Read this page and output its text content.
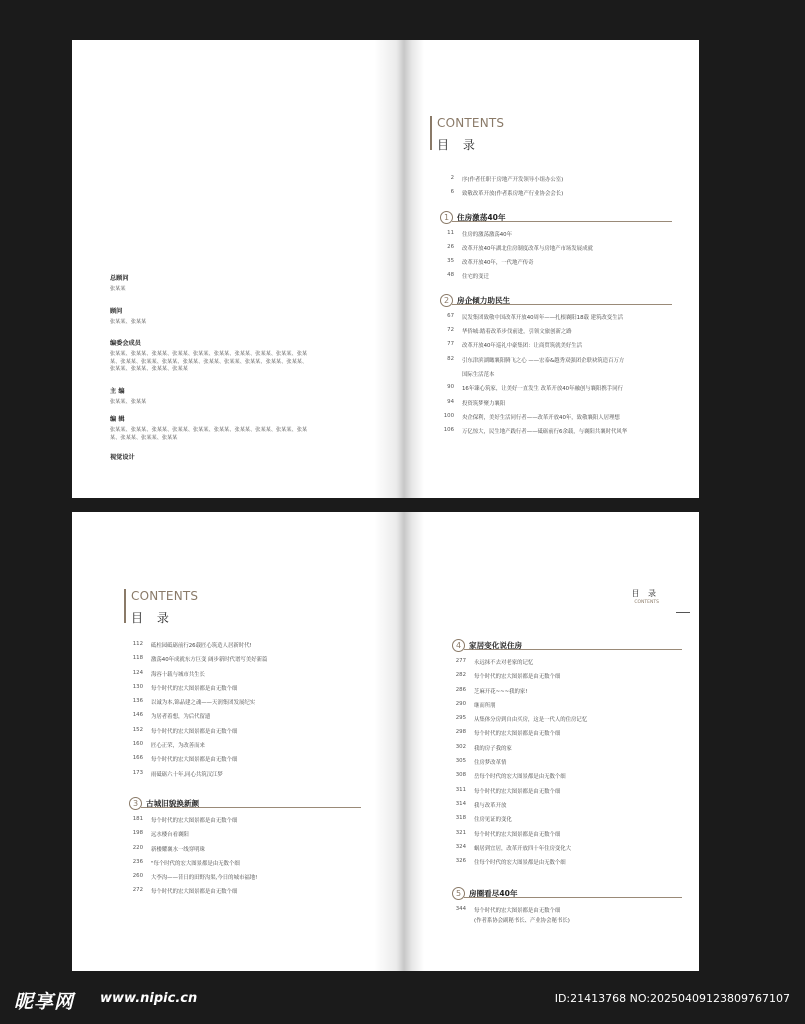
总顾问
张某某
顾问
张某某、张某某
编委会成员
张某某、张某某、张某某、张某某、张某某、张某某、张某某、张某某、张某某、张某某、张某某、张某某、张某某、张某某、张某某、张某某、张某某、张某某、张某某、张某某、张某某、张某某、张某某
主 编
张某某、张某某
编 辑
张某某、张某某、张某某、张某某、张某某、张某某、张某某、张某某、张某某、张某某、张某某、张某某、张某某
视觉设计
CONTENTS
目 录
2 序(作者任职于房地产开发领导小组办公室)
6 致敬改革开放(作者系房地产行业协会会长)
1	住房激荡40年
11 住房的激荡激荡40年
26 改革开放40年湖北住房制度改革与房地产市场发展成就
35 改革开放40年，一代地产传奇
48 住宅的变迁
2	房企倾力助民生
67 民发集团致敬中国改革开放40周年——扎根襄阳18载 建筑改变生活
72 华侨城:踏着改革步伐前进，引领文旅创新之路
77 改革开放40年巡礼中豪集团：让商贸筑就美好生活
82 引东津滨湖瞰襄阳腾飞之心 ——宏泰&越秀双强团企联袂筑造百万方
国际生活范本
90 16年臻心筑家，让美好一直发生 改革开放40年融创与襄阳携手同行
94 投资筑梦聚力襄阳
100 央企保利，美好生活同行者——改革开放40年，致敬襄阳人居理想
106 万亿惊大，民生地产践行者——砥砺前行6余载，与襄阳共襄时代风华
CONTENTS
目 录
112 砥柱园砥砺前行26载匠心筑造人居新时代!
118 激荡40年成就东方巨变 阔步新时代谱写美好新篇
124 海容十载与城市共生长
130 每个时代的宏大图景都是由无数个细
136 以诚为本,锦品建之魂——天润集团发展纪实
146 为居者着想，为后代留遗
152 每个时代的宏大图景都是由无数个细
160 匠心正荣，为改善而来
166 每个时代的宏大图景都是由无数个细
173 雨砥砺六十年,同心共筑汉江梦
3	古城旧貌换新颜
181 每个时代的宏大图景都是由无数个细
198 远水楼台看襄阳
220 新楼耀襄水一线穿明珠
236 "每个时代的宏大图景都是由无数个细
260 大李沟——昔日的田野沟渠,今日的城市福地!
272 每个时代的宏大图景都是由无数个细
目 录
CONTENTS
4	家居变化说住房
277 永远抹不去对老家的记忆
282 每个时代的宏大图景都是由无数个细
286 芝麻开花~~~我的家!
290 继而所朋
295 从集体分房到自由买房，这是一代人的住房记忆
298 每个时代的宏大图景都是由无数个细
302 我的房子我的家
305 住房梦改革情
308 岳每个时代的宏大图景都是由无数个细
311 每个时代的宏大图景都是由无数个细
314 我与改革开放
318 住房见证的变化
321 每个时代的宏大图景都是由无数个细
324 蜗居到宜居，改革开放四十年住房变化大
326 住每个时代的宏大图景都是由无数个细
5	房圈看尽40年
344 每个时代的宏大图景都是由无数个细
(作者系协会副秘书长、产业协会秘书长)
昵享网 www.nipic.cn	ID:21413768 NO:20250409123809767107
